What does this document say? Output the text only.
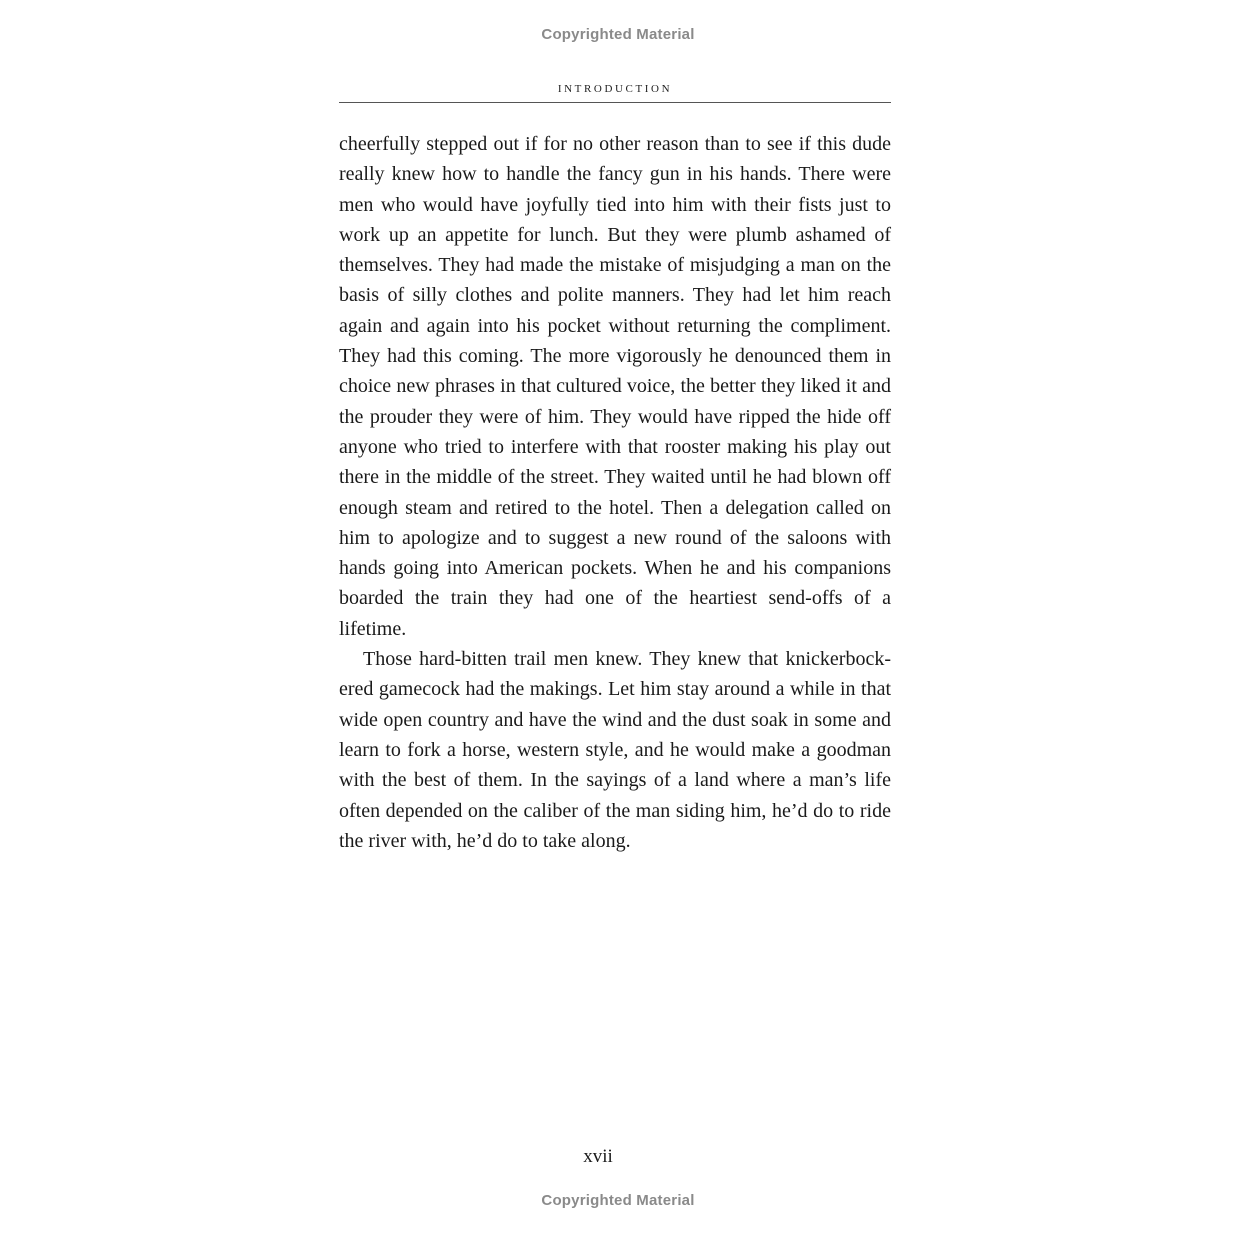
Copyrighted Material
introduction

cheerfully stepped out if for no other reason than to see if this dude really knew how to handle the fancy gun in his hands. There were men who would have joyfully tied into him with their fists just to work up an appetite for lunch. But they were plumb ashamed of themselves. They had made the mistake of misjudging a man on the basis of silly clothes and polite manners. They had let him reach again and again into his pocket without returning the compliment. They had this coming. The more vigorously he denounced them in choice new phrases in that cultured voice, the better they liked it and the prouder they were of him. They would have ripped the hide off anyone who tried to interfere with that rooster making his play out there in the middle of the street. They waited until he had blown off enough steam and retired to the hotel. Then a delegation called on him to apologize and to suggest a new round of the saloons with hands going into American pockets. When he and his companions boarded the train they had one of the heartiest send-offs of a lifetime.

Those hard-bitten trail men knew. They knew that knickerbockered gamecock had the makings. Let him stay around a while in that wide open country and have the wind and the dust soak in some and learn to fork a horse, western style, and he would make a goodman with the best of them. In the sayings of a land where a man’s life often depended on the caliber of the man siding him, he’d do to ride the river with, he’d do to take along.

xvii
Copyrighted Material
